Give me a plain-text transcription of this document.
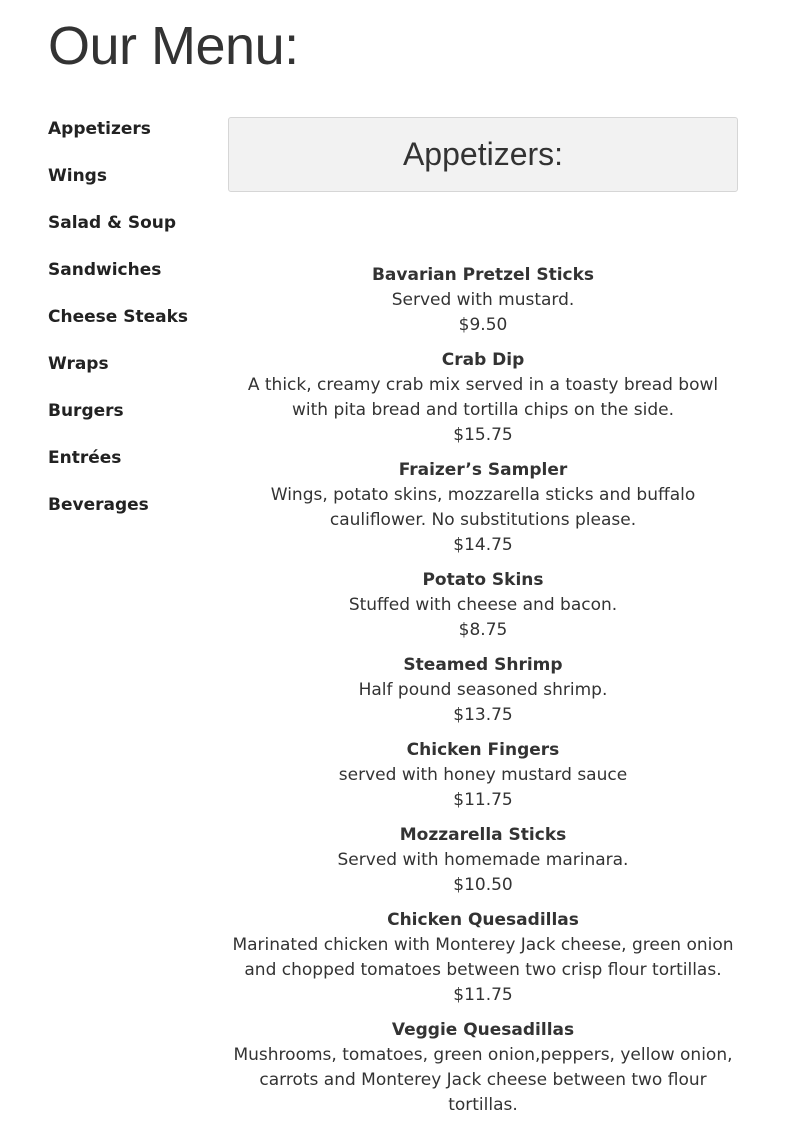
Our Menu:
Appetizers
Wings
Salad & Soup
Sandwiches
Cheese Steaks
Wraps
Burgers
Entrées
Beverages
Appetizers:
Bavarian Pretzel Sticks
Served with mustard.
$9.50
Crab Dip
A thick, creamy crab mix served in a toasty bread bowl with pita bread and tortilla chips on the side.
$15.75
Fraizer’s Sampler
Wings, potato skins, mozzarella sticks and buffalo cauliflower. No substitutions please.
$14.75
Potato Skins
Stuffed with cheese and bacon.
$8.75
Steamed Shrimp
Half pound seasoned shrimp.
$13.75
Chicken Fingers
served with honey mustard sauce
$11.75
Mozzarella Sticks
Served with homemade marinara.
$10.50
Chicken Quesadillas
Marinated chicken with Monterey Jack cheese, green onion and chopped tomatoes between two crisp flour tortillas.
$11.75
Veggie Quesadillas
Mushrooms, tomatoes, green onion,peppers, yellow onion, carrots and Monterey Jack cheese between two flour tortillas.
